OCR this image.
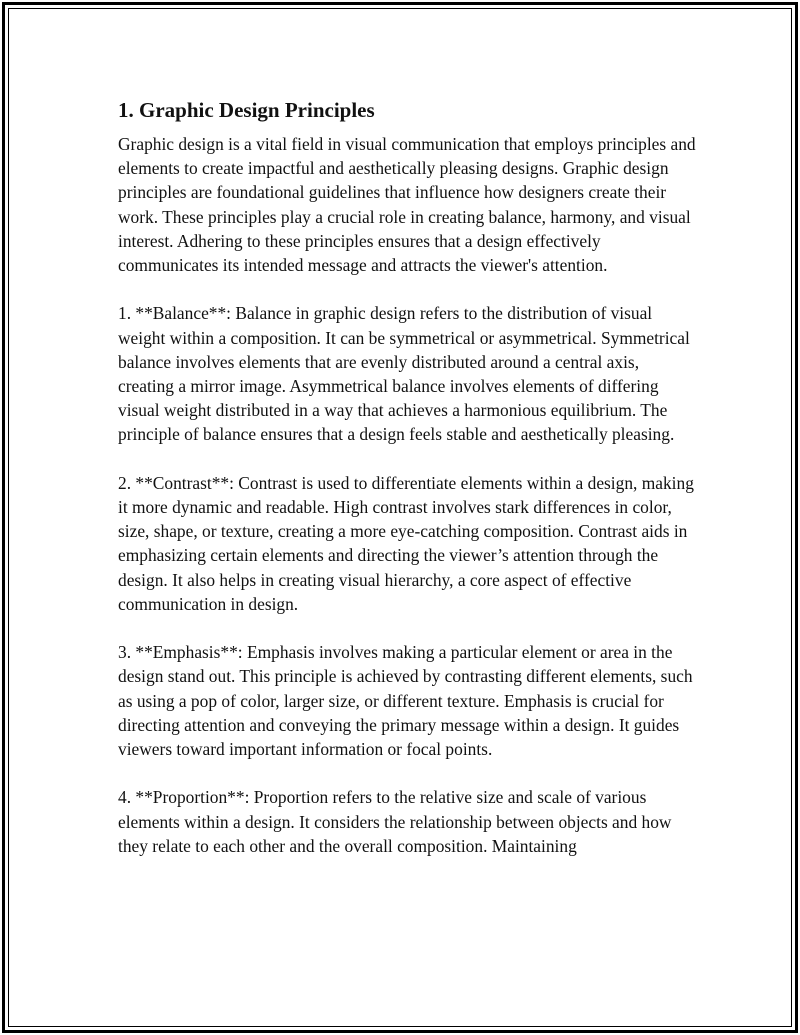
1. Graphic Design Principles

Graphic design is a vital field in visual communication that employs principles and elements to create impactful and aesthetically pleasing designs. Graphic design principles are foundational guidelines that influence how designers create their work. These principles play a crucial role in creating balance, harmony, and visual interest. Adhering to these principles ensures that a design effectively communicates its intended message and attracts the viewer's attention.

1. **Balance**: Balance in graphic design refers to the distribution of visual weight within a composition. It can be symmetrical or asymmetrical. Symmetrical balance involves elements that are evenly distributed around a central axis, creating a mirror image. Asymmetrical balance involves elements of differing visual weight distributed in a way that achieves a harmonious equilibrium. The principle of balance ensures that a design feels stable and aesthetically pleasing.

2. **Contrast**: Contrast is used to differentiate elements within a design, making it more dynamic and readable. High contrast involves stark differences in color, size, shape, or texture, creating a more eye-catching composition. Contrast aids in emphasizing certain elements and directing the viewer’s attention through the design. It also helps in creating visual hierarchy, a core aspect of effective communication in design.

3. **Emphasis**: Emphasis involves making a particular element or area in the design stand out. This principle is achieved by contrasting different elements, such as using a pop of color, larger size, or different texture. Emphasis is crucial for directing attention and conveying the primary message within a design. It guides viewers toward important information or focal points.

4. **Proportion**: Proportion refers to the relative size and scale of various elements within a design. It considers the relationship between objects and how they relate to each other and the overall composition. Maintaining
